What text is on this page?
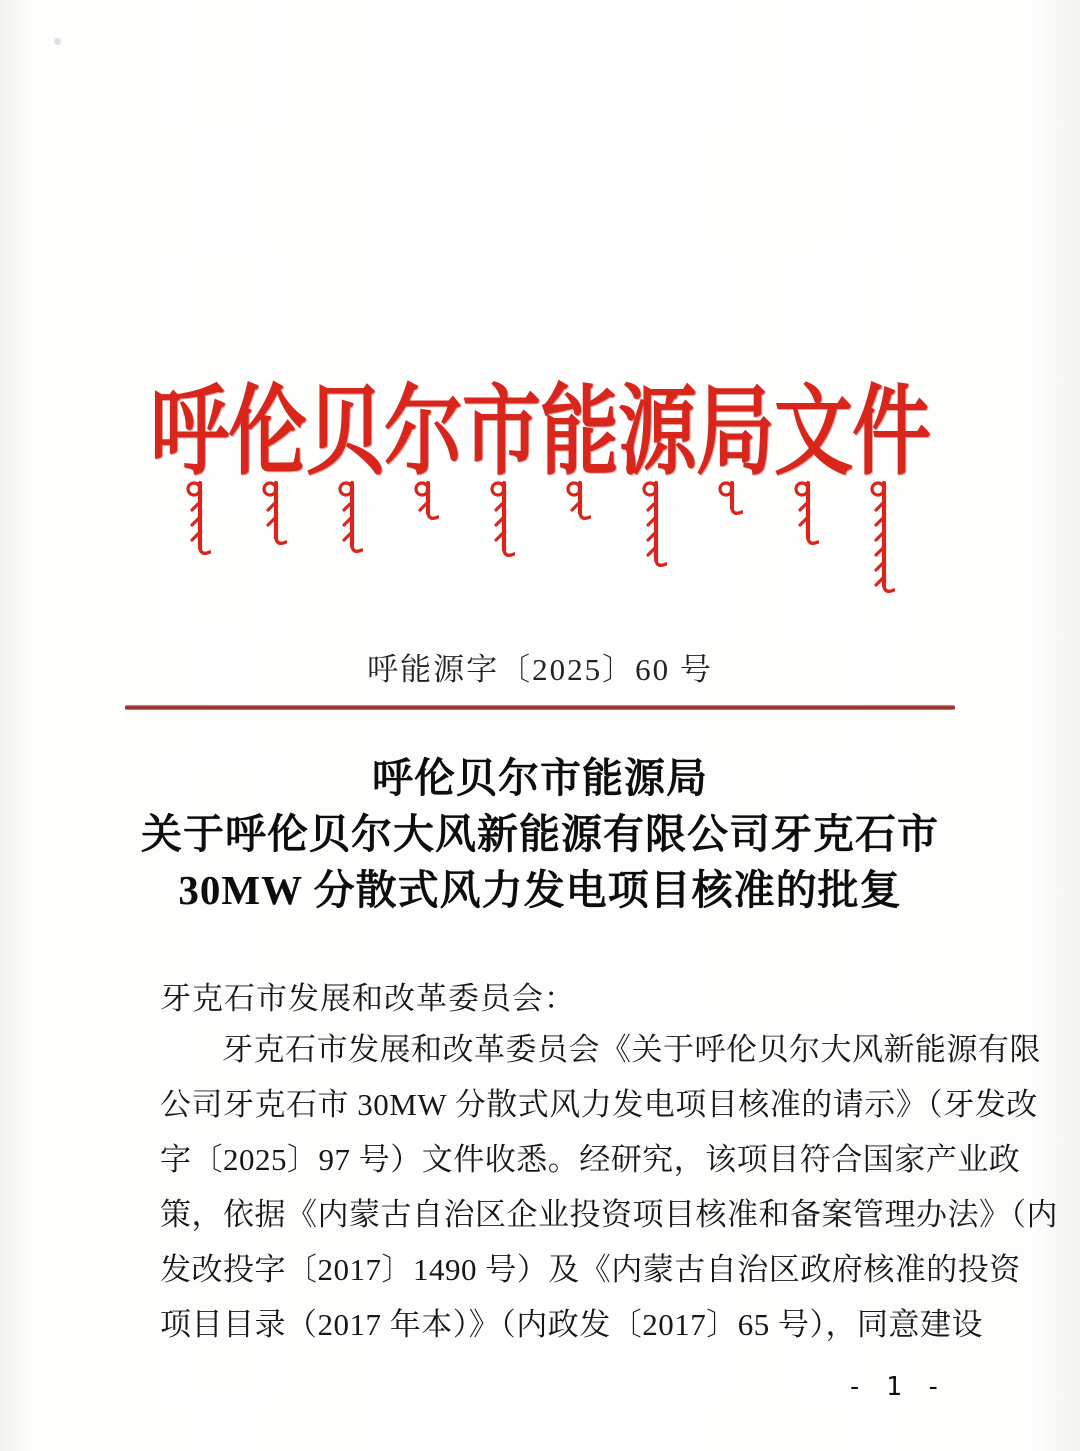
呼伦贝尔市能源局文件
呼能源字〔2025〕60 号
呼伦贝尔市能源局
关于呼伦贝尔大风新能源有限公司牙克石市
30MW 分散式风力发电项目核准的批复
牙克石市发展和改革委员会：
牙克石市发展和改革委员会《关于呼伦贝尔大风新能源有限
公司牙克石市 30MW 分散式风力发电项目核准的请示》（牙发改
字〔2025〕97 号）文件收悉。经研究，该项目符合国家产业政
策，依据《内蒙古自治区企业投资项目核准和备案管理办法》（内
发改投字〔2017〕1490 号）及《内蒙古自治区政府核准的投资
项目目录（2017 年本）》（内政发〔2017〕65 号），同意建设
- 1 -
